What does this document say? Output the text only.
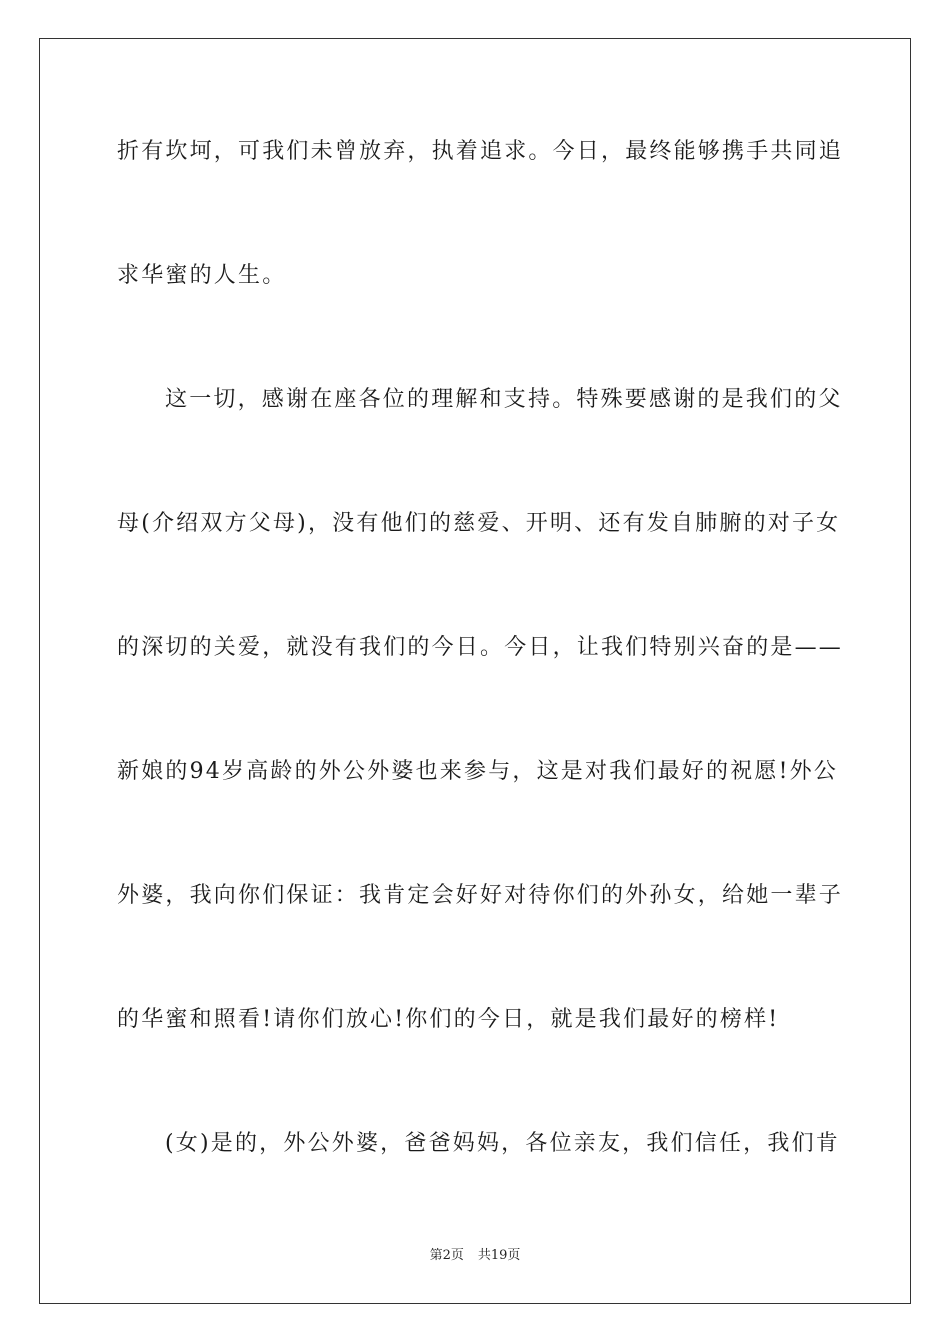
折有坎坷，可我们未曾放弃，执着追求。今日，最终能够携手共同追
求华蜜的人生。
这一切，感谢在座各位的理解和支持。特殊要感谢的是我们的父
母(介绍双方父母)，没有他们的慈爱、开明、还有发自肺腑的对子女
的深切的关爱，就没有我们的今日。今日，让我们特别兴奋的是——
新娘的94岁高龄的外公外婆也来参与，这是对我们最好的祝愿!外公
外婆，我向你们保证：我肯定会好好对待你们的外孙女，给她一辈子
的华蜜和照看!请你们放心!你们的今日，就是我们最好的榜样!
(女)是的，外公外婆，爸爸妈妈，各位亲友，我们信任，我们肯
第2页 共19页
